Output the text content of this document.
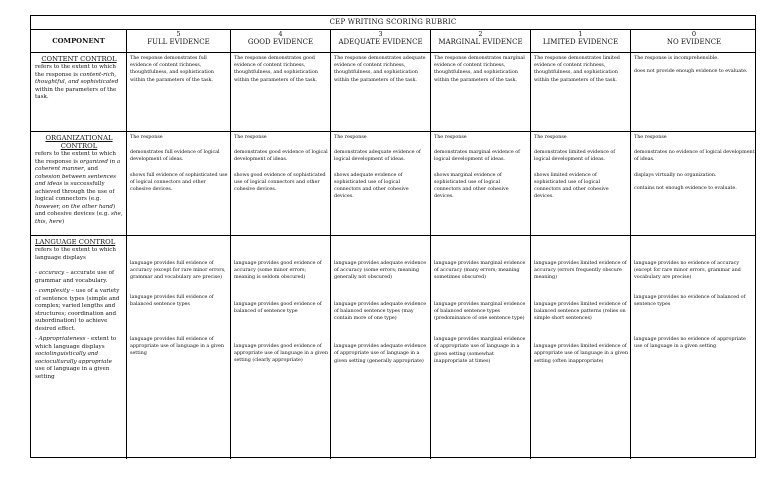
CEP WRITING SCORING RUBRIC
COMPONENT
5
FULL EVIDENCE
4
GOOD EVIDENCE
3
ADEQUATE EVIDENCE
2
MARGINAL EVIDENCE
1
LIMITED EVIDENCE
0
NO EVIDENCE
CONTENT CONTROL
refers to the extent to which the response is content-rich, thoughtful, and sophisticated within the parameters of the task.
The response demonstrates full evidence of content richness, thoughtfulness, and sophistication within the parameters of the task.
The response demonstrates good evidence of content richness, thoughtfulness, and sophistication within the parameters of the task.
The response demonstrates adequate evidence of content richness, thoughtfulness, and sophistication within the parameters of the task.
The response demonstrates marginal evidence of content richness, thoughtfulness, and sophistication within the parameters of the task.
The response demonstrates limited evidence of content richness, thoughtfulness, and sophistication within the parameters of the task.

The response is incomprehensible.

does not provide enough evidence to evaluate.

ORGANIZATIONAL CONTROL
refers to the extent to which the response is organized in a coherent manner, and cohesion between sentences and ideas is successfully achieved through the use of logical connectors (e.g. however, on the other hand) and cohesive devices (e.g. she, this, here)

The response

demonstrates full evidence of logical development of ideas.

shows full evidence of sophisticated use of logical connectors and other cohesive devices.

The response

demonstrates good evidence of logical development of ideas.

shows good evidence of sophisticated use of logical connectors and other cohesive devices.

The response

demonstrates adequate evidence of logical development of ideas.

shows adequate evidence of sophisticated use of logical connectors and other cohesive devices.

The response

demonstrates marginal evidence of logical development of ideas.

shows marginal evidence of sophisticated use of logical connectors and other cohesive devices.

The response

demonstrates limited evidence of logical development of ideas.

shows limited evidence of sophisticated use of logical connectors and other cohesive devices.

The response

demonstrates no evidence of logical development of ideas.

displays virtually no organization.

contains not enough evidence to evaluate.

LANGUAGE CONTROL
refers to the extent to which language displays
- accuracy – accurate use of grammar and vocabulary.
- complexity – use of a variety of sentence types (simple and complex; varied lengths and structures; coordination and subordination) to achieve desired effect.
- Appropriateness - extent to which language displays sociolinguistically and socioculturally appropriate use of language in a given setting

language provides full evidence of accuracy (except for rare minor errors, grammar and vocabulary are precise)

language provides full evidence of balanced sentence types

language provides full evidence of appropriate use of language in a given setting

language provides good evidence of accuracy (some minor errors; meaning is seldom obscured)

language provides good evidence of balanced of sentence type

language provides good evidence of appropriate use of language in a given setting (clearly appropriate)

language provides adequate evidence of accuracy (some errors; meaning generally not obscured)

language provides adequate evidence of balanced sentence types (may contain more of one type)

language provides adequate evidence of appropriate use of language in a given setting (generally appropriate)

language provides marginal evidence of accuracy (many errors; meaning sometimes obscured)

language provides marginal evidence of balanced sentence types (predominance of one sentence type)

language provides marginal evidence of appropriate use of language in a given setting (somewhat inappropriate at times)

language provides limited evidence of accuracy (errors frequently obscure meaning)

language provides limited evidence of balanced sentence patterns (relies on simple short sentences)

language provides limited evidence of appropriate use of language in a given setting (often inappropriate)

language provides no evidence of accuracy (except for rare minor errors, grammar and vocabulary are precise)

language provides no evidence of balanced of sentence types

language provides no evidence of appropriate use of language in a given setting
